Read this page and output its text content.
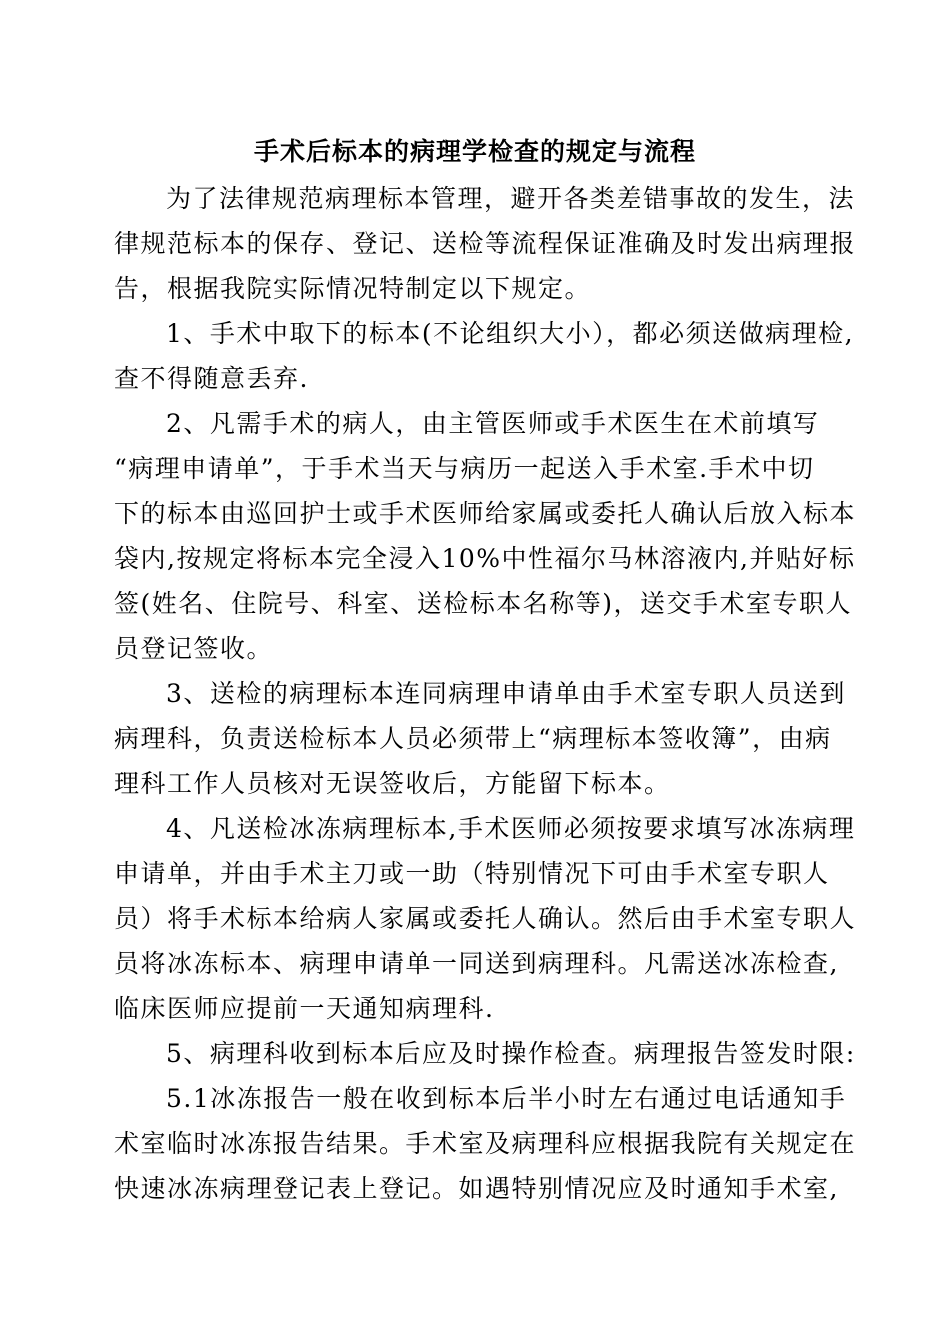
手术后标本的病理学检查的规定与流程
为了法律规范病理标本管理，避开各类差错事故的发生，法
律规范标本的保存、登记、送检等流程保证准确及时发出病理报
告，根据我院实际情况特制定以下规定。
1、手术中取下的标本(不论组织大小），都必须送做病理检,
查不得随意丢弃.
2、凡需手术的病人，由主管医师或手术医生在术前填写
“病理申请单”，于手术当天与病历一起送入手术室.手术中切
下的标本由巡回护士或手术医师给家属或委托人确认后放入标本
袋内,按规定将标本完全浸入10%中性福尔马林溶液内,并贴好标
签(姓名、住院号、科室、送检标本名称等)，送交手术室专职人
员登记签收。
3、送检的病理标本连同病理申请单由手术室专职人员送到
病理科，负责送检标本人员必须带上“病理标本签收簿”，由病
理科工作人员核对无误签收后，方能留下标本。
4、凡送检冰冻病理标本,手术医师必须按要求填写冰冻病理
申请单，并由手术主刀或一助（特别情况下可由手术室专职人
员）将手术标本给病人家属或委托人确认。然后由手术室专职人
员将冰冻标本、病理申请单一同送到病理科。凡需送冰冻检查,
临床医师应提前一天通知病理科.
5、病理科收到标本后应及时操作检查。病理报告签发时限:
5.1冰冻报告一般在收到标本后半小时左右通过电话通知手
术室临时冰冻报告结果。手术室及病理科应根据我院有关规定在
快速冰冻病理登记表上登记。如遇特别情况应及时通知手术室,
